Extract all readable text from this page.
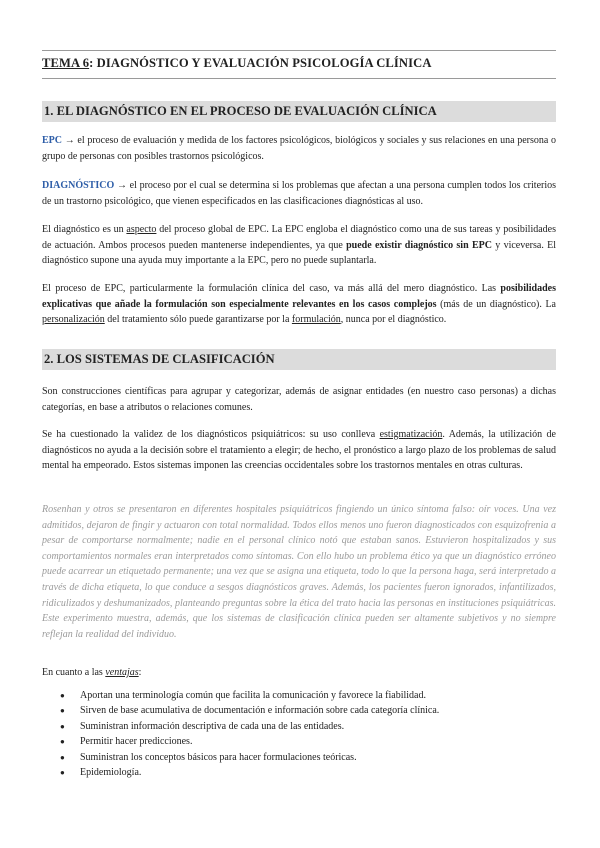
TEMA 6: DIAGNÓSTICO Y EVALUACIÓN PSICOLOGÍA CLÍNICA
1. EL DIAGNÓSTICO EN EL PROCESO DE EVALUACIÓN CLÍNICA

EPC → el proceso de evaluación y medida de los factores psicológicos, biológicos y sociales y sus relaciones en una persona o grupo de personas con posibles trastornos psicológicos.

DIAGNÓSTICO → el proceso por el cual se determina si los problemas que afectan a una persona cumplen todos los criterios de un trastorno psicológico, que vienen especificados en las clasificaciones diagnósticas al uso.

El diagnóstico es un aspecto del proceso global de EPC. La EPC engloba el diagnóstico como una de sus tareas y posibilidades de actuación. Ambos procesos pueden mantenerse independientes, ya que puede existir diagnóstico sin EPC y viceversa. El diagnóstico supone una ayuda muy importante a la EPC, pero no puede suplantarla.

El proceso de EPC, particularmente la formulación clínica del caso, va más allá del mero diagnóstico. Las posibilidades explicativas que añade la formulación son especialmente relevantes en los casos complejos (más de un diagnóstico). La personalización del tratamiento sólo puede garantizarse por la formulación, nunca por el diagnóstico.

2. LOS SISTEMAS DE CLASIFICACIÓN

Son construcciones científicas para agrupar y categorizar, además de asignar entidades (en nuestro caso personas) a dichas categorías, en base a atributos o relaciones comunes.

Se ha cuestionado la validez de los diagnósticos psiquiátricos: su uso conlleva estigmatización. Además, la utilización de diagnósticos no ayuda a la decisión sobre el tratamiento a elegir; de hecho, el pronóstico a largo plazo de los problemas de salud mental ha empeorado. Estos sistemas imponen las creencias occidentales sobre los trastornos mentales en otras culturas.

Rosenhan y otros se presentaron en diferentes hospitales psiquiátricos fingiendo un único síntoma falso: oír voces. Una vez admitidos, dejaron de fingir y actuaron con total normalidad. Todos ellos menos uno fueron diagnosticados con esquizofrenia a pesar de comportarse normalmente; nadie en el personal clínico notó que estaban sanos. Estuvieron hospitalizados y sus comportamientos normales eran interpretados como síntomas. Con ello hubo un problema ético ya que un diagnóstico erróneo puede acarrear un etiquetado permanente; una vez que se asigna una etiqueta, todo lo que la persona haga, será interpretado a través de dicha etiqueta, lo que conduce a sesgos diagnósticos graves. Además, los pacientes fueron ignorados, infantilizados, ridiculizados y deshumanizados, planteando preguntas sobre la ética del trato hacia las personas en instituciones psiquiátricas. Este experimento muestra, además, que los sistemas de clasificación clínica pueden ser altamente subjetivos y no siempre reflejan la realidad del individuo.

En cuanto a las ventajas:

● Aportan una terminología común que facilita la comunicación y favorece la fiabilidad.
● Sirven de base acumulativa de documentación e información sobre cada categoría clínica.
● Suministran información descriptiva de cada una de las entidades.
● Permitir hacer predicciones.
● Suministran los conceptos básicos para hacer formulaciones teóricas.
● Epidemiología.
